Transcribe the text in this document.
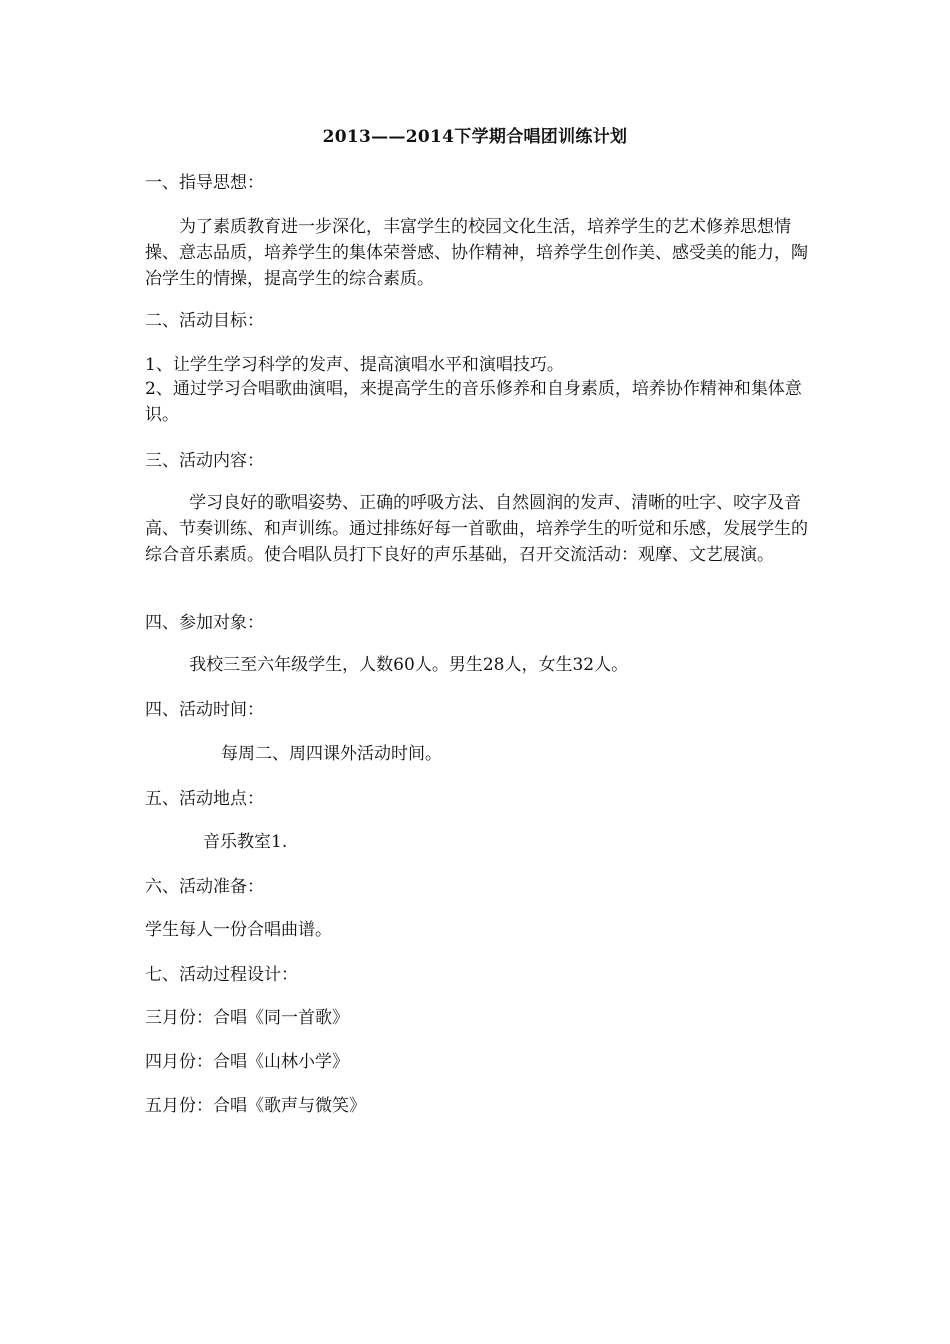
2013——2014下学期合唱团训练计划
一、指导思想：
为了素质教育进一步深化，丰富学生的校园文化生活，培养学生的艺术修养思想情操、意志品质，培养学生的集体荣誉感、协作精神，培养学生创作美、感受美的能力，陶冶学生的情操，提高学生的综合素质。
二、活动目标：
1、让学生学习科学的发声、提高演唱水平和演唱技巧。
2、通过学习合唱歌曲演唱，来提高学生的音乐修养和自身素质，培养协作精神和集体意识。
三、活动内容：
学习良好的歌唱姿势、正确的呼吸方法、自然圆润的发声、清晰的吐字、咬字及音高、节奏训练、和声训练。通过排练好每一首歌曲，培养学生的听觉和乐感，发展学生的综合音乐素质。使合唱队员打下良好的声乐基础，召开交流活动：观摩、文艺展演。
四、参加对象：
我校三至六年级学生，人数60人。男生28人，女生32人。
四、活动时间：
每周二、周四课外活动时间。
五、活动地点：
音乐教室1.
六、活动准备：
学生每人一份合唱曲谱。
七、活动过程设计：
三月份：合唱《同一首歌》
四月份：合唱《山林小学》
五月份：合唱《歌声与微笑》
